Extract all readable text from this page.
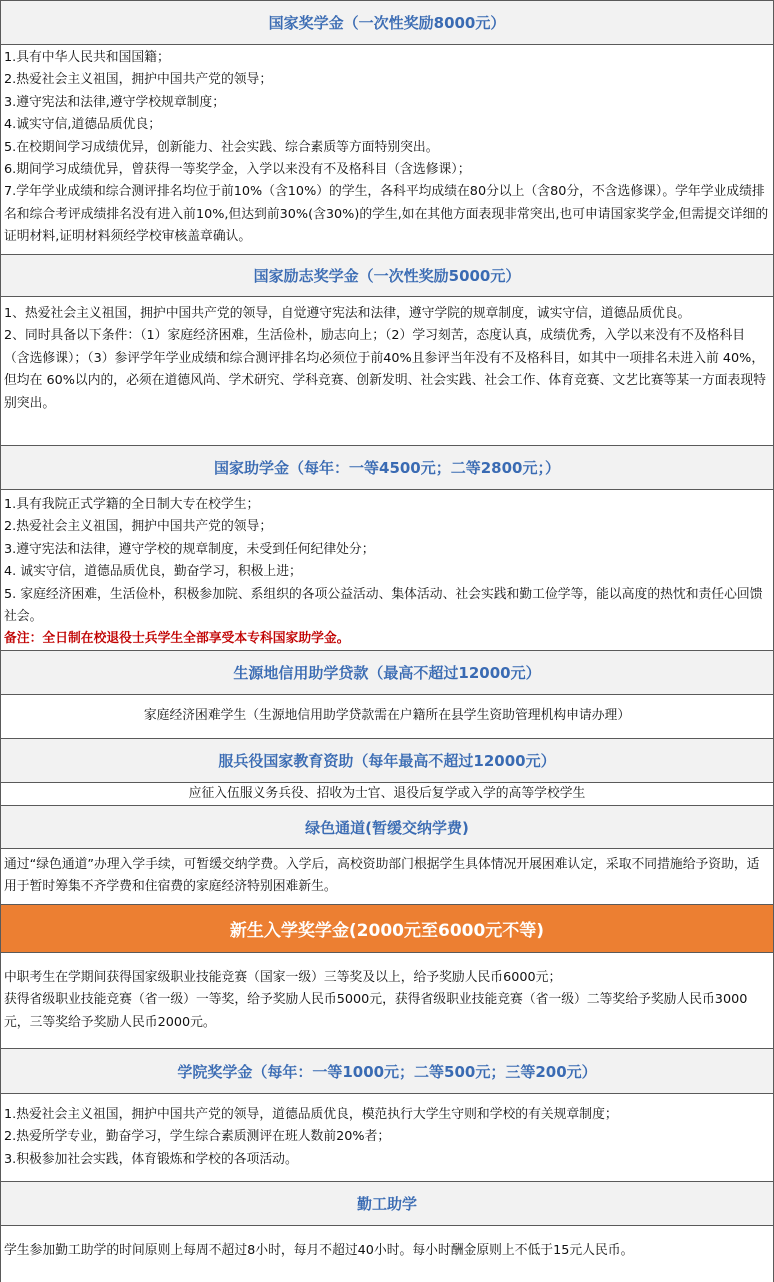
国家奖学金（一次性奖励8000元）

1.具有中华人民共和国国籍；

2.热爱社会主义祖国，拥护中国共产党的领导；

3.遵守宪法和法律,遵守学校规章制度；

4.诚实守信,道德品质优良；

5.在校期间学习成绩优异，创新能力、社会实践、综合素质等方面特别突出。

6.期间学习成绩优异，曾获得一等奖学金，入学以来没有不及格科目（含选修课）；

7.学年学业成绩和综合测评排名均位于前10%（含10%）的学生，各科平均成绩在80分以上（含80分，不含选修课）。学年学业成绩排名和综合考评成绩排名没有进入前10%,但达到前30%(含30%)的学生,如在其他方面表现非常突出,也可申请国家奖学金,但需提交详细的证明材料,证明材料须经学校审核盖章确认。

国家励志奖学金（一次性奖励5000元）

1、热爱社会主义祖国，拥护中国共产党的领导，自觉遵守宪法和法律，遵守学院的规章制度，诚实守信，道德品质优良。

2、同时具备以下条件：（1）家庭经济困难，生活俭朴，励志向上；（2）学习刻苦，态度认真，成绩优秀，入学以来没有不及格科目（含选修课）；（3）参评学年学业成绩和综合测评排名均必须位于前40%且参评当年没有不及格科目，如其中一项排名未进入前 40%，但均在 60%以内的，必须在道德风尚、学术研究、学科竞赛、创新发明、社会实践、社会工作、体育竞赛、文艺比赛等某一方面表现特别突出。

国家助学金（每年：一等4500元；二等2800元；）

1.具有我院正式学籍的全日制大专在校学生；

2.热爱社会主义祖国，拥护中国共产党的领导；

3.遵守宪法和法律，遵守学校的规章制度，未受到任何纪律处分；

4. 诚实守信，道德品质优良，勤奋学习，积极上进；

5. 家庭经济困难，生活俭朴，积极参加院、系组织的各项公益活动、集体活动、社会实践和勤工俭学等，能以高度的热忱和责任心回馈社会。

备注：全日制在校退役士兵学生全部享受本专科国家助学金。

生源地信用助学贷款（最高不超过12000元）

家庭经济困难学生（生源地信用助学贷款需在户籍所在县学生资助管理机构申请办理）

服兵役国家教育资助（每年最高不超过12000元）

应征入伍服义务兵役、招收为士官、退役后复学或入学的高等学校学生

绿色通道(暂缓交纳学费)

通过“绿色通道”办理入学手续，可暂缓交纳学费。入学后，高校资助部门根据学生具体情况开展困难认定，采取不同措施给予资助，适用于暂时筹集不齐学费和住宿费的家庭经济特别困难新生。

新生入学奖学金(2000元至6000元不等)

中职考生在学期间获得国家级职业技能竞赛（国家一级）三等奖及以上，给予奖励人民币6000元；

获得省级职业技能竞赛（省一级）一等奖，给予奖励人民币5000元，获得省级职业技能竞赛（省一级）二等奖给予奖励人民币3000元，三等奖给予奖励人民币2000元。

学院奖学金（每年：一等1000元；二等500元；三等200元）

1.热爱社会主义祖国，拥护中国共产党的领导，道德品质优良，模范执行大学生守则和学校的有关规章制度；

2.热爱所学专业，勤奋学习，学生综合素质测评在班人数前20%者；

3.积极参加社会实践，体育锻炼和学校的各项活动。

勤工助学

学生参加勤工助学的时间原则上每周不超过8小时，每月不超过40小时。每小时酬金原则上不低于15元人民币。
